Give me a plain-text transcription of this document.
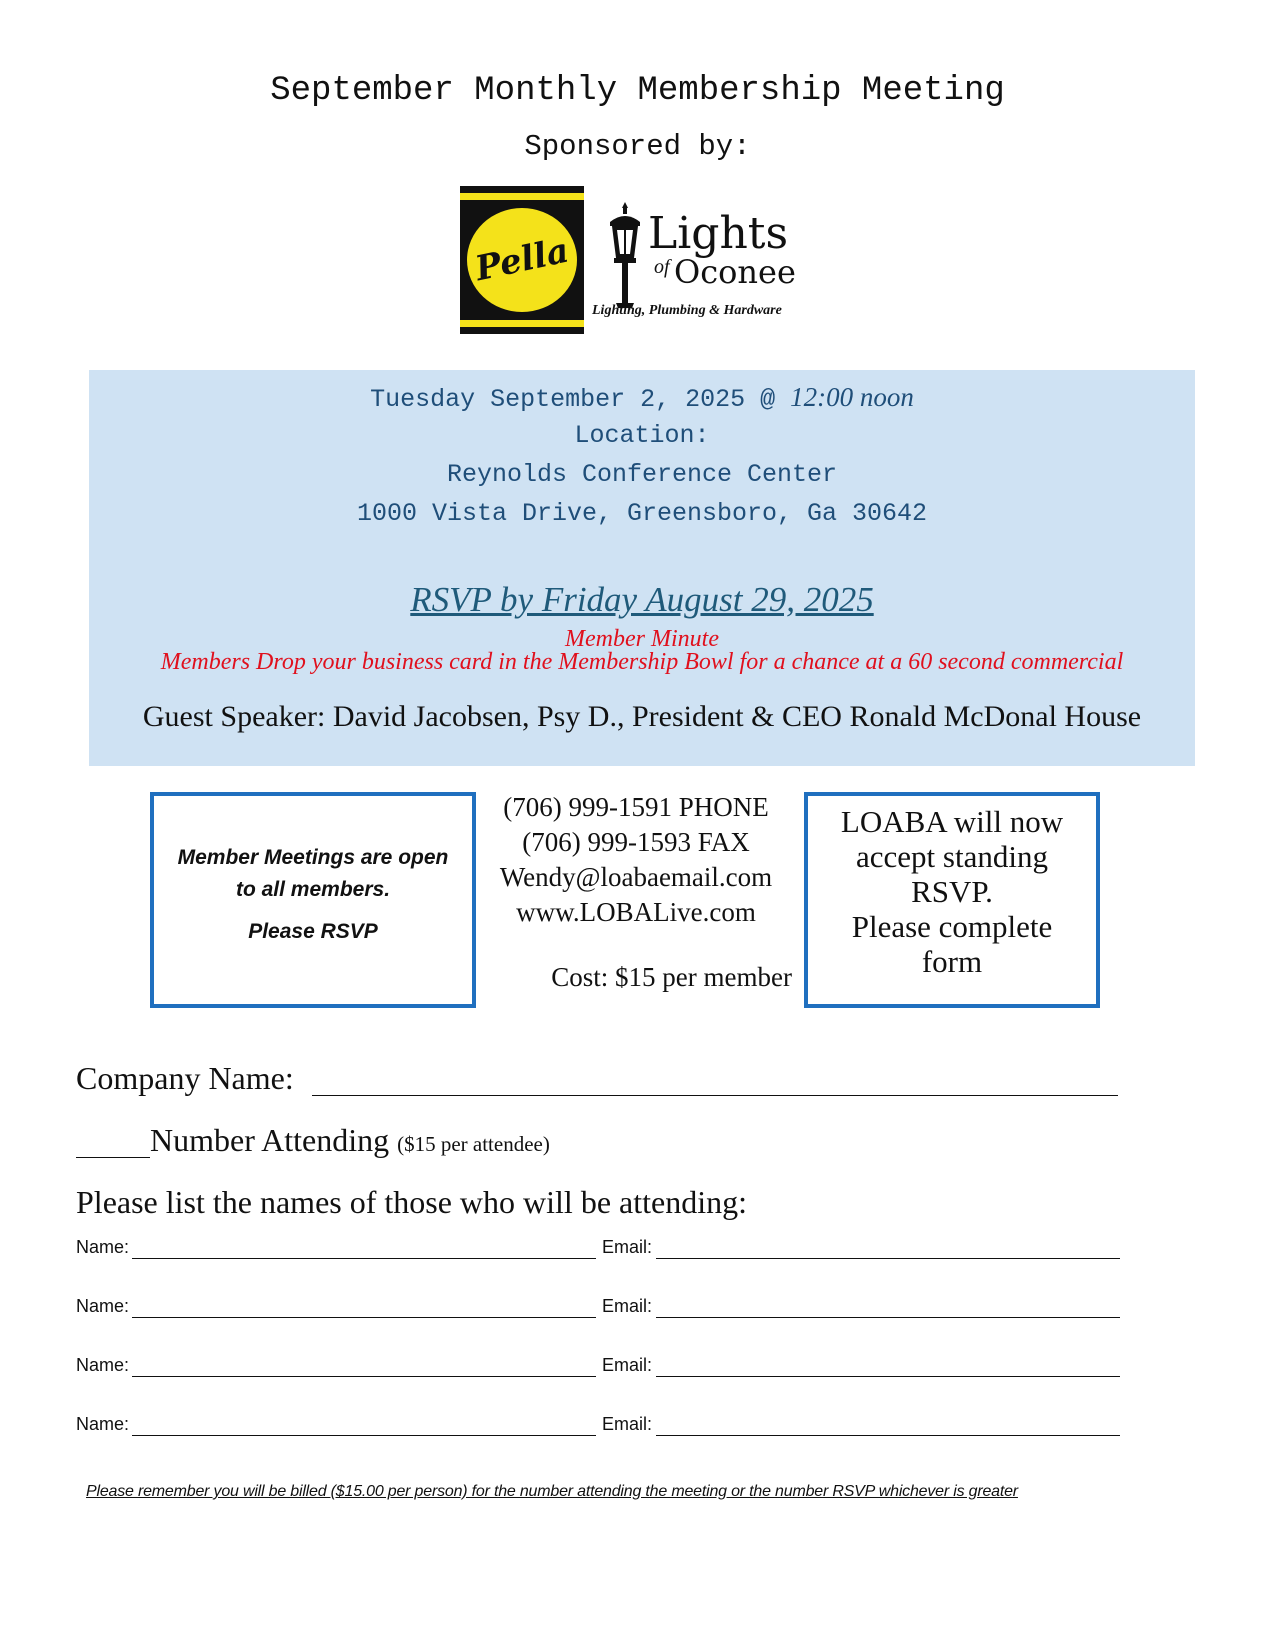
September Monthly Membership Meeting
Sponsored by:
Pella Lights
of Oconee
Lighting, Plumbing & Hardware
Tuesday September 2, 2025 @ 12:00 noon
Location:
Reynolds Conference Center
1000 Vista Drive, Greensboro, Ga 30642
RSVP by Friday August 29, 2025
Member Minute
Members Drop your business card in the Membership Bowl for a chance at a 60 second commercial
Guest Speaker: David Jacobsen, Psy D., President & CEO Ronald McDonal House
Member Meetings are open
to all members.
Please RSVP
(706) 999-1591 PHONE
(706) 999-1593 FAX
Wendy@loabaemail.com
www.LOBALive.com
Cost: $15 per member
LOABA will now
accept standing
RSVP.
Please complete
form
Company Name:
Number Attending ($15 per attendee)
Please list the names of those who will be attending:
Name:	Email:
Name:	Email:
Name:	Email:
Name:	Email:
Please remember you will be billed ($15.00 per person) for the number attending the meeting or the number RSVP whichever is greater
